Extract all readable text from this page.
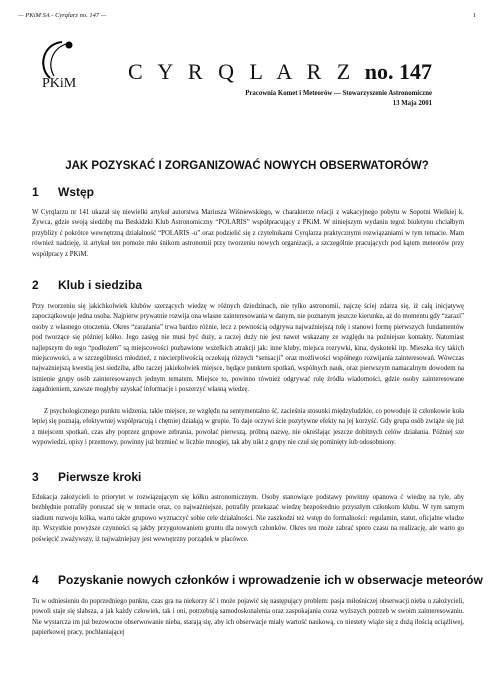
— PKiM SA - Cyrqlarz no. 147 —	1
PKiM C Y R Q L A R Z no. 147
Pracownia Komet i Meteorów — Stowarzyszenie Astronomiczne
13 Maja 2001
JAK POZYSKAĆ I ZORGANIZOWAĆ NOWYCH OBSERWATORÓW?
1 Wstęp
W Cyrqlarzu nr 141 ukazał się niewielki artykuł autorstwa Mariusza Wiśniewskiego, w charakterze relacji z wakacyjnego pobytu w Sopotni Wielkiej k. Żywca, gdzie swoją siedzibę ma Beskidzki Klub Astronomiczny “POLARIS” współpracujący z PKiM. W niniejszym wydaniu tegoż biuletynu chciałbym przybliży ć pokrótce wewnętrzną działalność “POLARIS -u” oraz podzielić się z czytelnikami Cyrqlarza praktycznymi rozwiązaniami w tym temacie. Mam również nadzieję, iż artykuł ten pomoże mło śnikom astronomii przy tworzeniu nowych organizacji, a szczególnie pracujących pod kątem meteorów przy współpracy z PKiM.
2 Klub i siedziba
Przy tworzeniu się jakichkolwiek klubów szerzących wiedzę w różnych dziedzinach, nie tylko astronomii, najczę ściej zdarza się, iż całą inicjatywę zapoczątkowuje jedna osoba. Najpierw prywatnie rozwija ona własne zainteresowania w danym, nie poznanym jeszcze kierunku, aż do momentu gdy “zarazi” osoby z własnego otoczenia. Okres “zarażania” trwa bardzo różnie, lecz z pewnością odgrywa najważniejszą rolę i stanowi formę pierwszych fundamentów pod tworzące się później kółko. Jego zasięg nie musi być duży, a raczej duży nie jest nawet wskazany ze względu na poźniejsze kontakty. Natomiast najlepszym do tego “podłożem” są miejscowości pozbawione wszelkich atrakcji jak: inne kluby, miejsca rozrywki, kina, dyskoteki itp. Mieszka ńcy takich miejscowości, a w szczególności młodzież, z niecierpliwością oczekują różnych “sensacji” oraz możliwości współnego rozwijania zainteresowań. Wówczas najważniejszą kwestią jest siedziba, albo raczej jakiekolwiek miejsce, będące punktem spotkań, wspólnych nauk, oraz pierwszym namacalnym dowodem na istnienie grupy osób zainteresowanych jednym tematem. Miejsce to, powinno również odgrywać rolę źródła wiadomości, gdzie osoby zainteresowane zagadnieniem, zawsze mogłyby uzyskać informacje i poszerzyć własną wiedzę.
Z psychologicznego punktu widzenia, takie miejsce, ze względu na sentymentalno ść, zacieśnia stosunki międzyludzkie, co powoduje iż członkowie koła lepiej się poznają, efektywniej współpracują i chętniej działają w grupie. To daje oczywi ście pozytywne efekty na jej korzyść. Gdy grupa osób zwiąże się już z miejscem spotkań, czas aby poprzez grupowe zebrania, powołać pierwszą, próbną nazwę, nie określając jeszcze dobitnych celów działania. Później sze wypowiedzi, opisy i przemowy, powinny już brzmieć w liczbie mnogiej, tak aby nikt z grupy nie czuł się pominięty lub odosobniony.
3 Pierwsze kroki
Edukacja założycieli to priorytet w rozwiązującym się kółku astronomicznym. Osoby stanowiące podstawy powinny opanowa ć wiedzę na tyle, aby bezbłędnie potrafiły poruszać się w temacie oraz, co najważniejsze, potrafiły przekazać wiedzę bezpośrednio przyszłym członkom klubu. W tym samym stadium rozwoju kółka, warto także grupowo wyznaczyć sobie cele działalności. Nie zaszkodzi też wstęp do formalności: regulamin, statut, oficjalne władze itp. Wszystkie powyższe czynności są jakby przygotowaniem gruntu dla nowych członków. Okres ten może zabrać sporo czasu na realizację, ale warto go poświęcić zważywszy, iż najważniejszy jest wewnętrzny porządek w placówce.
4 Pozyskanie nowych członków i wprowadzenie ich w obserwacje meteorów
Tu w odniesieniu do poprzedniego punktu, czas gra na niekorzy ść i może pojawić się następujący problem: pasja miłośniczej obserwacji nieba u założycieli, powoli staje się słabsza, a jak każdy człowiek, tak i oni, potrzebują samodoskonalenia oraz zaspokajania coraz wyższych potrzeb w swoim zainteresowaniu. Nie wystarcza im już bezowocne obserwowanie nieba, starają się, aby ich obserwacje miały wartość naukową, co niestety wiąże się z dużą ilością uciążliwej, papierkowej pracy, pochłaniającej
